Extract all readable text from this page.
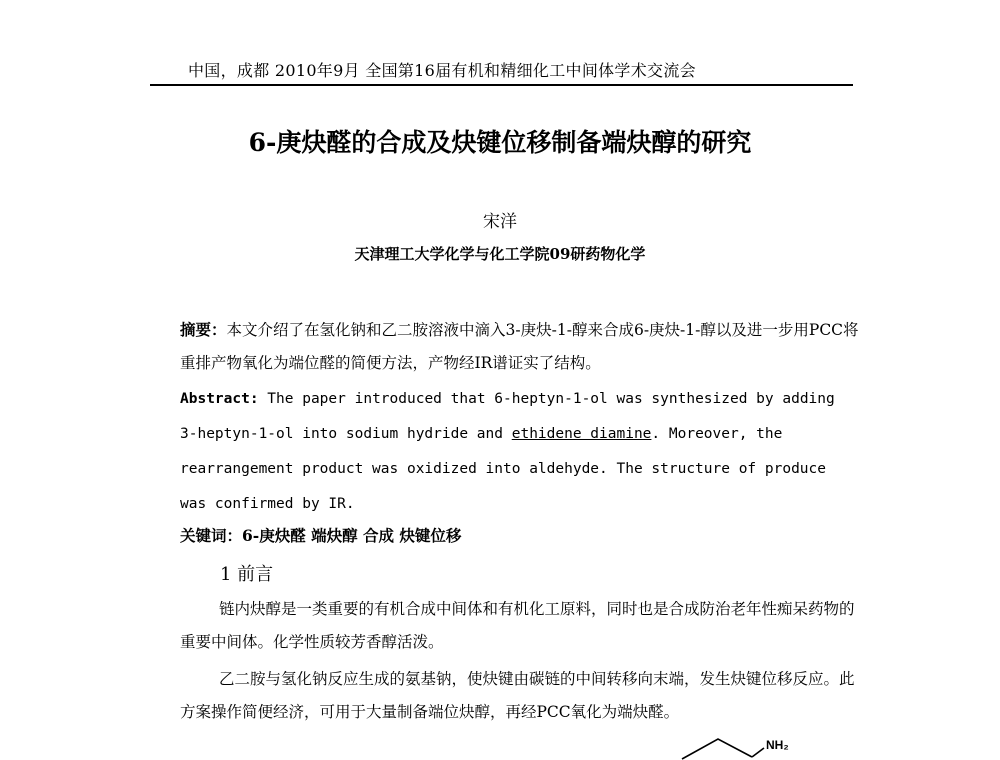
中国，成都 2010年9月 全国第16届有机和精细化工中间体学术交流会
6-庚炔醛的合成及炔键位移制备端炔醇的研究
宋洋
天津理工大学化学与化工学院09研药物化学
摘要：本文介绍了在氢化钠和乙二胺溶液中滴入3-庚炔-1-醇来合成6-庚炔-1-醇以及进一步用PCC将重排产物氧化为端位醛的简便方法，产物经IR谱证实了结构。
Abstract: The paper introduced that 6-heptyn-1-ol was synthesized by adding 3-heptyn-1-ol into sodium hydride and ethidene diamine. Moreover, the rearrangement product was oxidized into aldehyde. The structure of produce was confirmed by IR.
关键词：6-庚炔醛 端炔醇 合成 炔键位移
1 前言
链内炔醇是一类重要的有机合成中间体和有机化工原料，同时也是合成防治老年性痴呆药物的重要中间体。化学性质较芳香醇活泼。
乙二胺与氢化钠反应生成的氨基钠，使炔键由碳链的中间转移向末端，发生炔键位移反应。此方案操作简便经济，可用于大量制备端位炔醇，再经PCC氧化为端炔醛。
NH₂
